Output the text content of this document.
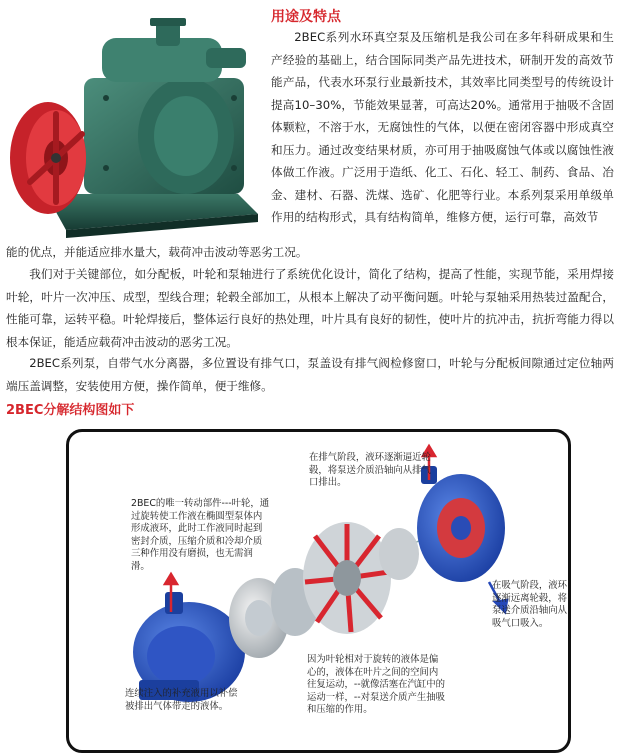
用途及特点
2BEC系列水环真空泵及压缩机是我公司在多年科研成果和生产经验的基础上，结合国际同类产品先进技术，研制开发的高效节能产品，代表水环泵行业最新技术，其效率比同类型号的传统设计提高10–30%，节能效果显著，可高达20%。通常用于抽吸不含固体颗粒，不溶于水，无腐蚀性的气体，以便在密闭容器中形成真空和压力。通过改变结果材质，亦可用于抽吸腐蚀气体或以腐蚀性液体做工作液。广泛用于造纸、化工、石化、轻工、制药、食品、冶金、建材、石器、洗煤、选矿、化肥等行业。本系列泵采用单级单作用的结构形式，具有结构简单，维修方便，运行可靠，高效节
能的优点，并能适应排水量大，载荷冲击波动等恶劣工况。
我们对于关键部位，如分配板，叶轮和泵轴进行了系统优化设计，简化了结构，提高了性能，实现节能，采用焊接叶轮，叶片一次冲压、成型，型线合理；轮毂全部加工，从根本上解决了动平衡问题。叶轮与泵轴采用热装过盈配合，性能可靠，运转平稳。叶轮焊接后，整体运行良好的热处理，叶片具有良好的韧性，使叶片的抗冲击，抗折弯能力得以根本保证，能适应载荷冲击波动的恶劣工况。
2BEC系列泵，自带气水分离器，多位置设有排气口，泵盖设有排气阀检修窗口，叶轮与分配板间隙通过定位轴两端压盖调整，安装使用方便，操作简单，便于维修。
2BEC分解结构图如下
在排气阶段，液环逐渐逼近轮毂，将泵送介质沿轴向从排气口排出。
2BEC的唯一转动部件---叶轮，通过旋转使工作液在椭圆型泵体内形成液环，此时工作液同时起到密封介质，压缩介质和冷却介质三种作用没有磨损，也无需润滑。
在吸气阶段，液环逐渐远离轮毂，将泵送介质沿轴向从吸气口吸入。
因为叶轮相对于旋转的液体是偏心的，液体在叶片之间的空间内往复运动，--就像活塞在汽缸中的运动一样，--对泵送介质产生抽吸和压缩的作用。
连续注入的补充液用以补偿被排出气体带走的液体。
